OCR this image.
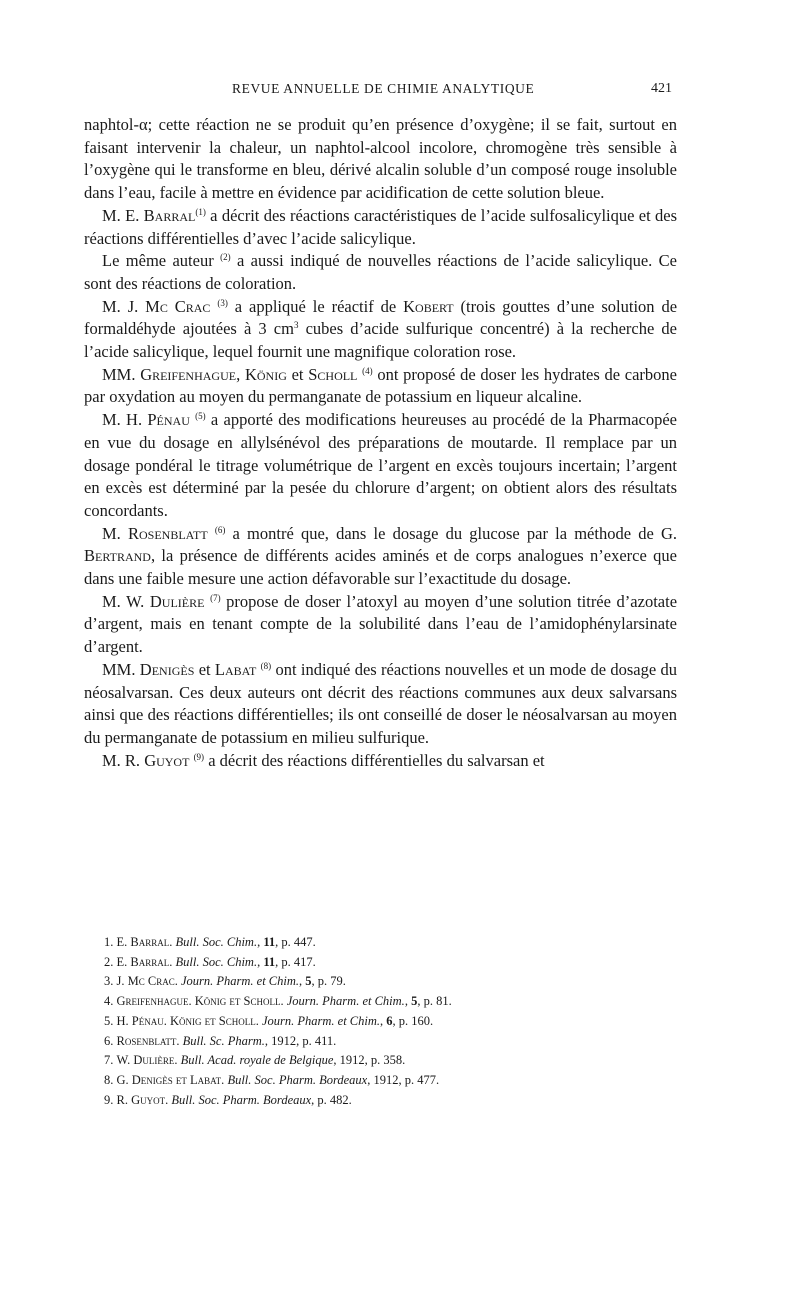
REVUE ANNUELLE DE CHIMIE ANALYTIQUE	421

naphtol-α; cette réaction ne se produit qu’en présence d’oxygène; il se fait, surtout en faisant intervenir la chaleur, un naphtol-alcool incolore, chromogène très sensible à l’oxygène qui le transforme en bleu, dérivé alcalin soluble d’un composé rouge insoluble dans l’eau, facile à mettre en évidence par acidification de cette solution bleue.

M. E. Barral$^{(1)}$ a décrit des réactions caractéristiques de l’acide sulfosalicylique et des réactions différentielles d’avec l’acide salicylique.

Le même auteur $^{(2)}$ a aussi indiqué de nouvelles réactions de l’acide salicylique. Ce sont des réactions de coloration.

M. J. Mc Crac $^{(3)}$ a appliqué le réactif de Kobert (trois gouttes d’une solution de formaldéhyde ajoutées à 3 $cm^3$ cubes d’acide sulfurique concentré) à la recherche de l’acide salicylique, lequel fournit une magnifique coloration rose.

MM. Greifenhague, König et Scholl $^{(4)}$ ont proposé de doser les hydrates de carbone par oxydation au moyen du permanganate de potassium en liqueur alcaline.

M. H. Pénau $^{(5)}$ a apporté des modifications heureuses au procédé de la Pharmacopée en vue du dosage en allylsénévol des préparations de moutarde. Il remplace par un dosage pondéral le titrage volumétrique de l’argent en excès toujours incertain; l’argent en excès est déterminé par la pesée du chlorure d’argent; on obtient alors des résultats concordants.

M. Rosenblatt $^{(6)}$ a montré que, dans le dosage du glucose par la méthode de G. Bertrand, la présence de différents acides aminés et de corps analogues n’exerce que dans une faible mesure une action défavorable sur l’exactitude du dosage.

M. W. Dulière $^{(7)}$ propose de doser l’atoxyl au moyen d’une solution titrée d’azotate d’argent, mais en tenant compte de la solubilité dans l’eau de l’amidophénylarsinate d’argent.

MM. Denigès et Labat $^{(8)}$ ont indiqué des réactions nouvelles et un mode de dosage du néosalvarsan. Ces deux auteurs ont décrit des réactions communes aux deux salvarsans ainsi que des réactions différentielles; ils ont conseillé de doser le néosalvarsan au moyen du permanganate de potassium en milieu sulfurique.

M. R. Guyot $^{(9)}$ a décrit des réactions différentielles du salvarsan et

1. E. Barral. Bull. Soc. Chim., 11, p. 447.
2. E. Barral. Bull. Soc. Chim., 11, p. 417.
3. J. Mc Crac. Journ. Pharm. et Chim., 5, p. 79.
4. Greifenhague. König et Scholl. Journ. Pharm. et Chim., 5, p. 81.
5. H. Pénau. König et Scholl. Journ. Pharm. et Chim., 6, p. 160.
6. Rosenblatt. Bull. Sc. Pharm., 1912, p. 411.
7. W. Dulière. Bull. Acad. royale de Belgique, 1912, p. 358.
8. G. Denigès et Labat. Bull. Soc. Pharm. Bordeaux, 1912, p. 477.
9. R. Guyot. Bull. Soc. Pharm. Bordeaux, p. 482.
